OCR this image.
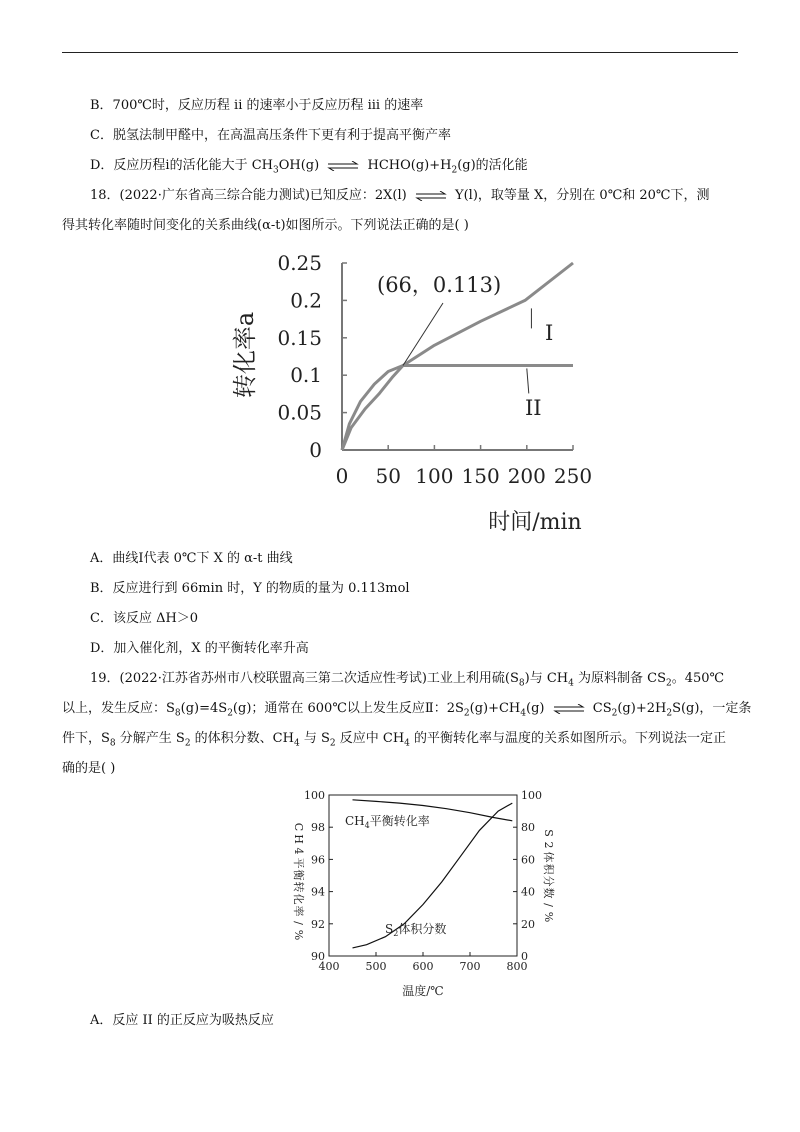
B．700℃时，反应历程 ii 的速率小于反应历程 iii 的速率
C．脱氢法制甲醛中，在高温高压条件下更有利于提高平衡产率
D．反应历程ⅰ的活化能大于 $CH_3OH(g)$ ⇌ $HCHO(g)+H_2(g)$的活化能
18．(2022·广东省高三综合能力测试)已知反应：2X(l) ⇌ Y(l)，取等量 X，分别在 0℃和 20℃下，测
得其转化率随时间变化的关系曲线(α-t)如图所示。下列说法正确的是( )
0
0.05
0.1
0.15
0.2
0.25
0 50 100 150 200 250
转化率a
时间/min
(66，0.113)
I
II
A．曲线Ⅰ代表 0℃下 X 的 α-t 曲线
B．反应进行到 66min 时，Y 的物质的量为 0.113mol
C．该反应 ΔH＞0
D．加入催化剂，X 的平衡转化率升高
19．(2022·江苏省苏州市八校联盟高三第二次适应性考试)工业上利用硫$(S_8)$与 $CH_4$ 为原料制备 $CS_2$。450℃
以上，发生反应：$S_8(g)=4S_2(g)$；通常在 600℃以上发生反应Ⅱ：$2S_2(g)+CH_4(g)$ ⇌ $CS_2(g)+2H_2S(g)$，一定条
件下，$S_8$ 分解产生 $S_2$ 的体积分数、$CH_4$ 与 $S_2$ 反应中 $CH_4$ 的平衡转化率与温度的关系如图所示。下列说法一定正
确的是( )
90
92
94
96
98
100
0
20
40
60
80
100
400 500 600 700 800
温度/℃
C
H
4
平
衡
转
化
率
/
%
S
2
体
积
分
数
/
%
$CH_4$平衡转化率
$S_2$体积分数
A．反应 II 的正反应为吸热反应
